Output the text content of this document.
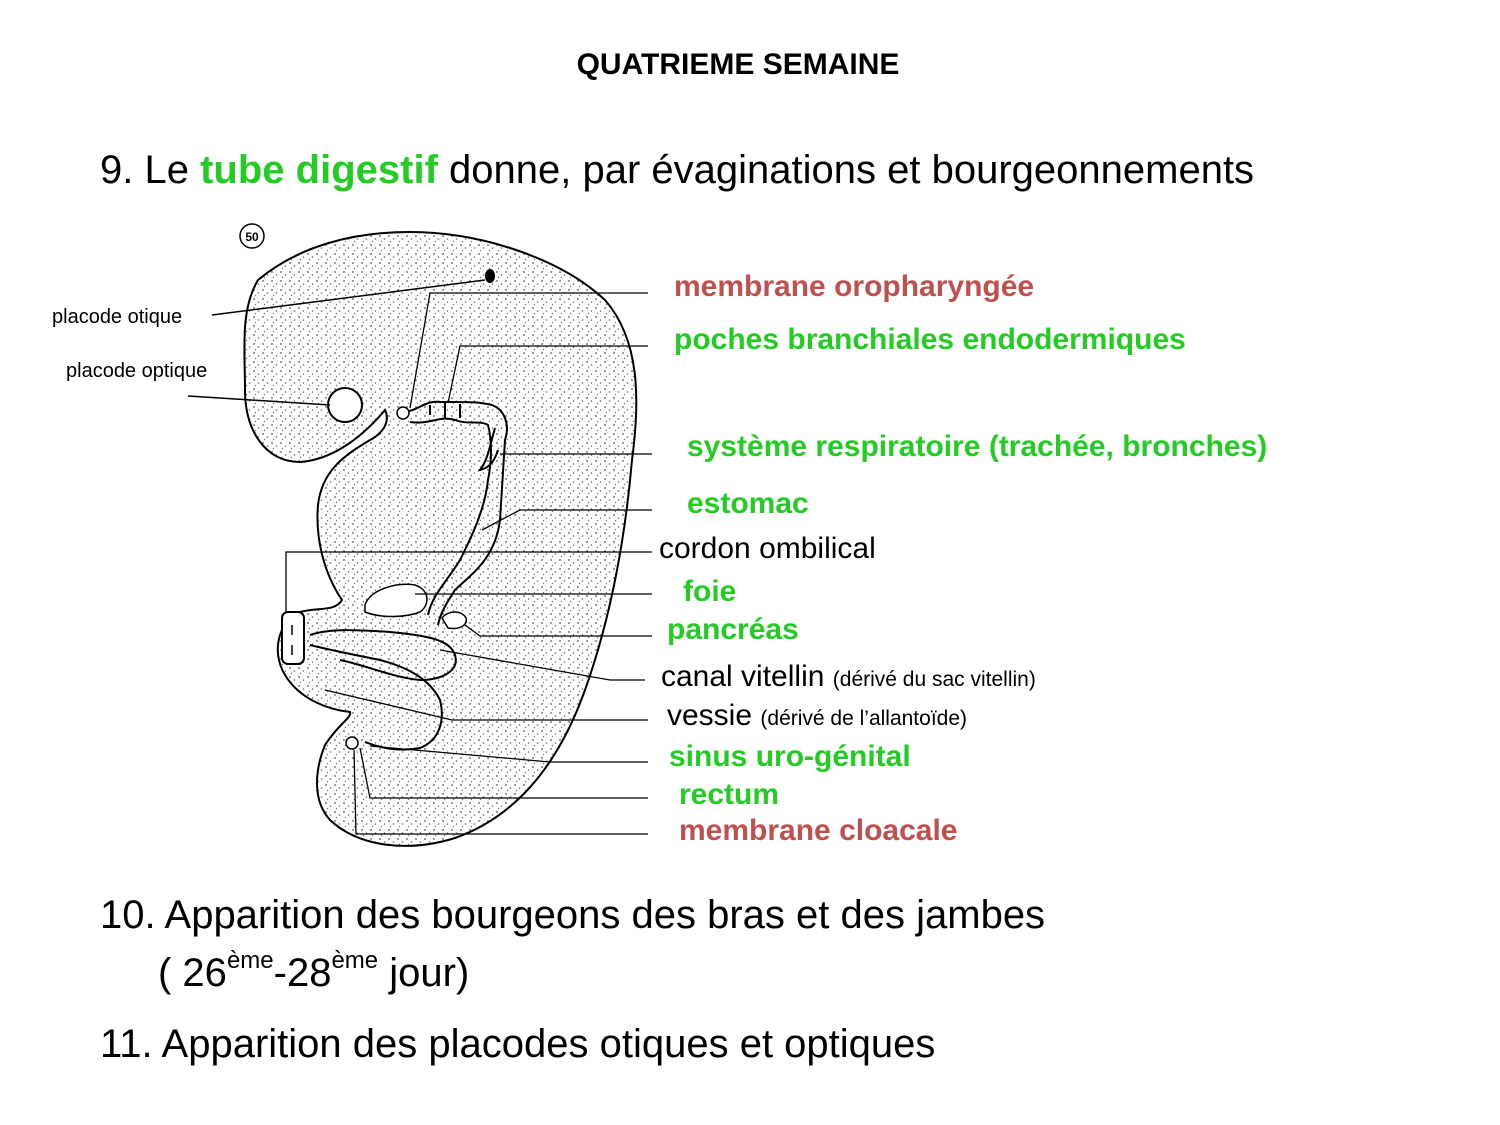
QUATRIEME SEMAINE
9. Le tube digestif donne, par évaginations et bourgeonnements
50
placode otique
placode optique
membrane oropharyngée
poches branchiales endodermiques
système respiratoire (trachée, bronches)
estomac
cordon ombilical
foie
pancréas
canal vitellin (dérivé du sac vitellin)
vessie (dérivé de l’allantoïde)
sinus uro-génital
rectum
membrane cloacale
10. Apparition des bourgeons des bras et des jambes
( 26ème-28ème jour)
11. Apparition des placodes otiques et optiques
